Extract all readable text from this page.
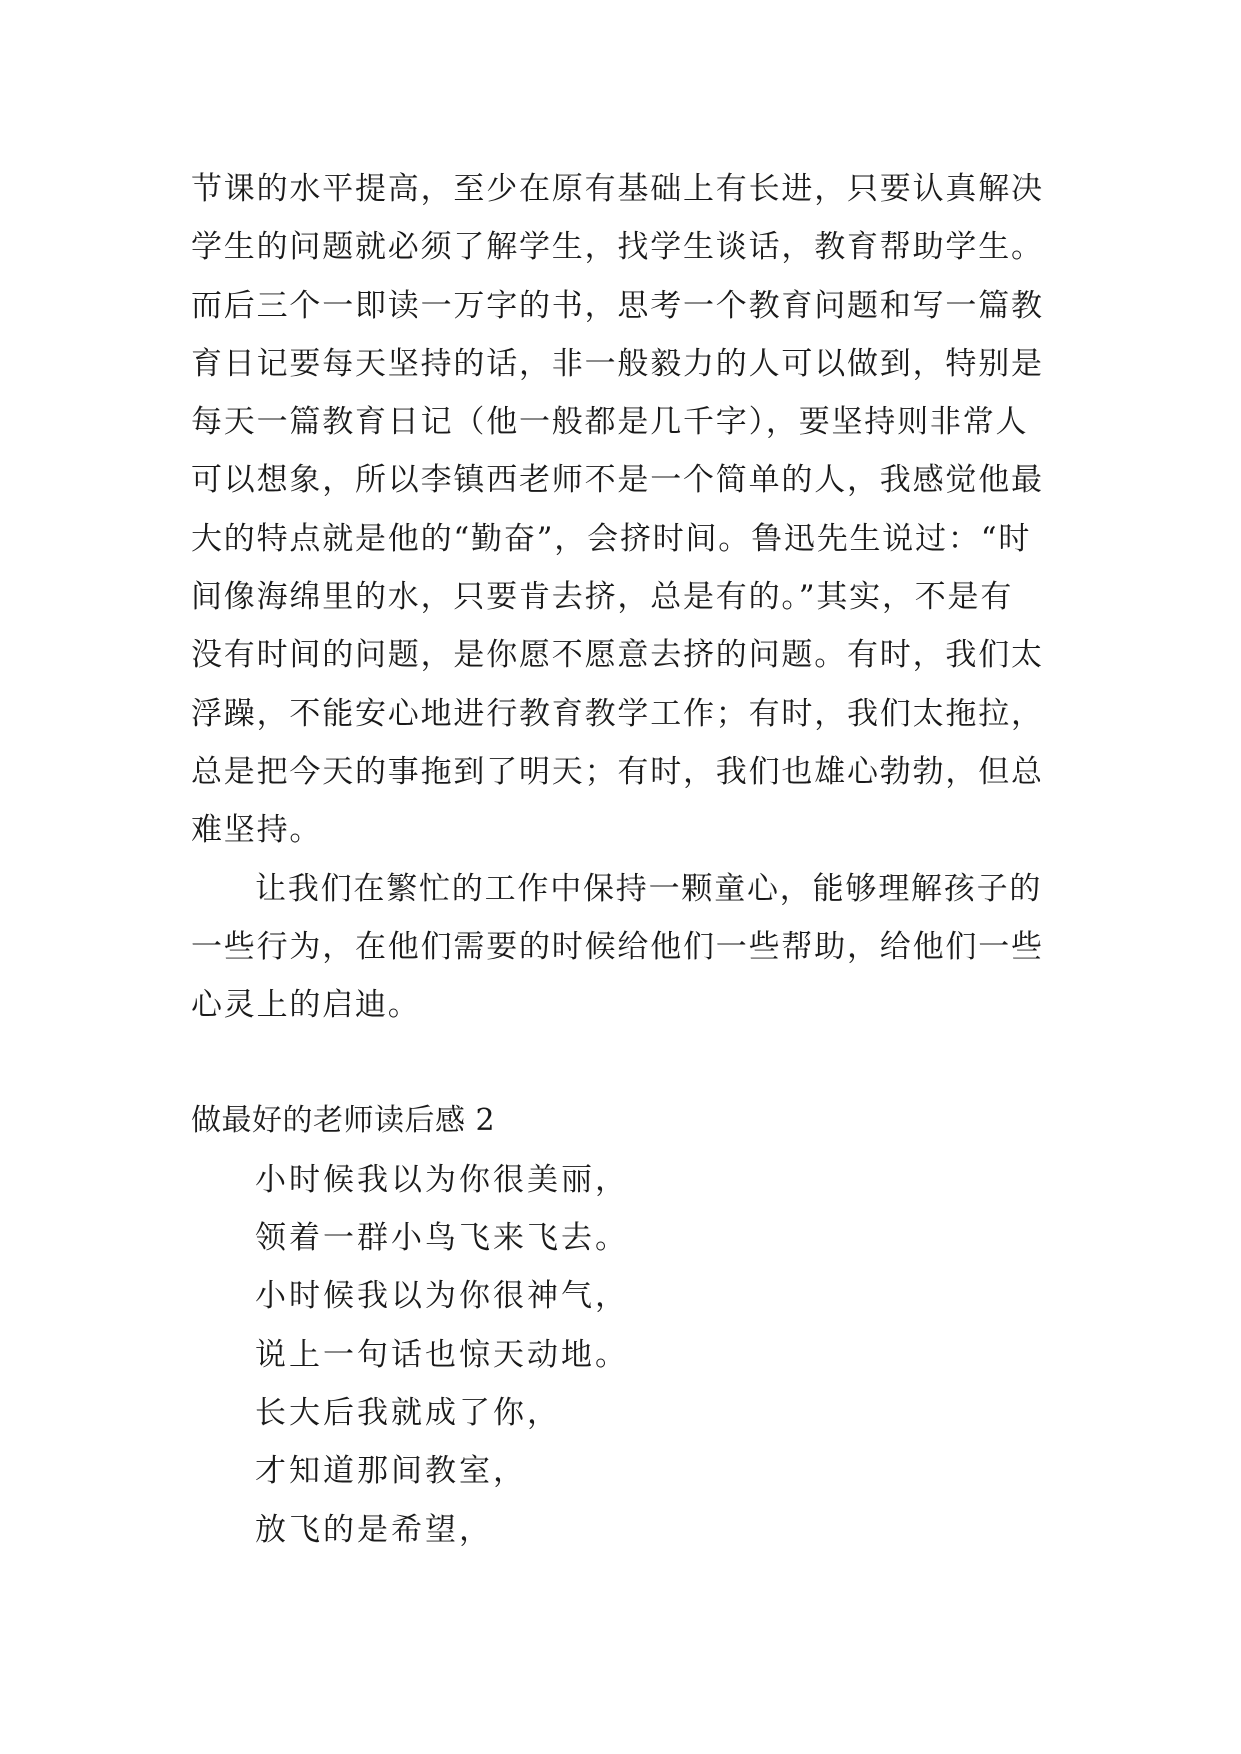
节课的水平提高，至少在原有基础上有长进，只要认真解决
学生的问题就必须了解学生，找学生谈话，教育帮助学生。
而后三个一即读一万字的书，思考一个教育问题和写一篇教
育日记要每天坚持的话，非一般毅力的人可以做到，特别是
每天一篇教育日记（他一般都是几千字），要坚持则非常人
可以想象，所以李镇西老师不是一个简单的人，我感觉他最
大的特点就是他的“勤奋”，会挤时间。鲁迅先生说过：“时
间像海绵里的水，只要肯去挤，总是有的。”其实，不是有
没有时间的问题，是你愿不愿意去挤的问题。有时，我们太
浮躁，不能安心地进行教育教学工作；有时，我们太拖拉，
总是把今天的事拖到了明天；有时，我们也雄心勃勃，但总
难坚持。
让我们在繁忙的工作中保持一颗童心，能够理解孩子的
一些行为，在他们需要的时候给他们一些帮助，给他们一些
心灵上的启迪。
做最好的老师读后感 2
小时候我以为你很美丽，
领着一群小鸟飞来飞去。
小时候我以为你很神气，
说上一句话也惊天动地。
长大后我就成了你，
才知道那间教室，
放飞的是希望，
